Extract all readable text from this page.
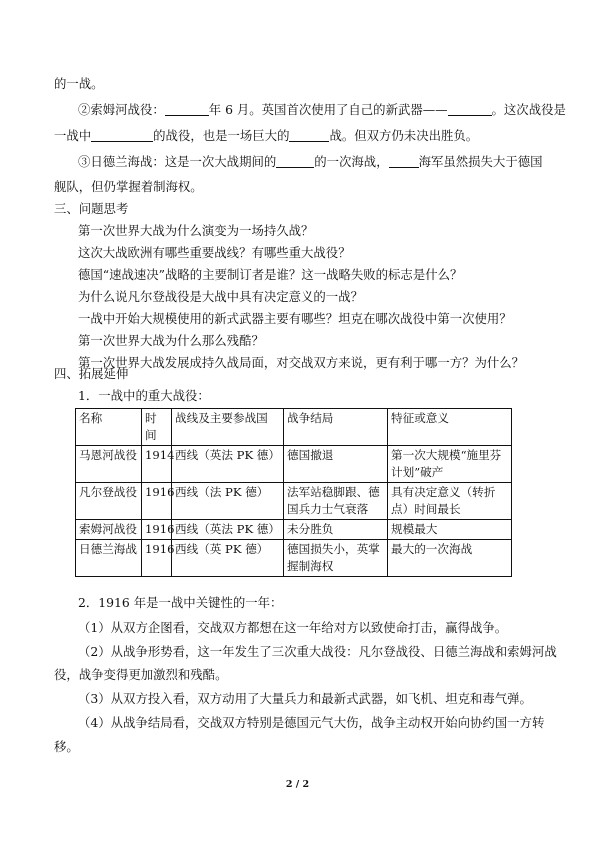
的一战。
②索姆河战役：	年 6 月。英国首次使用了自己的新武器——	。这次战役是
一战中	的战役，也是一场巨大的	战。但双方仍未决出胜负。
③日德兰海战：这是一次大战期间的	的一次海战， 海军虽然损失大于德国
舰队，但仍掌握着制海权。
三、问题思考
第一次世界大战为什么演变为一场持久战？
这次大战欧洲有哪些重要战线？有哪些重大战役？
德国“速战速决”战略的主要制订者是谁？这一战略失败的标志是什么？
为什么说凡尔登战役是大战中具有决定意义的一战？
一战中开始大规模使用的新式武器主要有哪些？坦克在哪次战役中第一次使用？
第一次世界大战为什么那么残酷？
第一次世界大战发展成持久战局面，对交战双方来说，更有利于哪一方？为什么？
四、拓展延伸
1．一战中的重大战役：
名称	时间	战线及主要参战国	战争结局	特征或意义
马恩河战役	1914	西线（英法 PK 德）	德国撤退	第一次大规模“施里芬计划”破产
凡尔登战役	1916	西线（法 PK 德）	法军站稳脚跟、德国兵力士气衰落	具有决定意义（转折点）时间最长
索姆河战役	1916	西线（英法 PK 德）	未分胜负	规模最大
日德兰海战	1916	西线（英 PK 德）	德国损失小，英掌握制海权	最大的一次海战
2．1916 年是一战中关键性的一年：
（1）从双方企图看，交战双方都想在这一年给对方以致使命打击，赢得战争。
（2）从战争形势看，这一年发生了三次重大战役：凡尔登战役、日德兰海战和索姆河战
役，战争变得更加激烈和残酷。
（3）从双方投入看，双方动用了大量兵力和最新式武器，如飞机、坦克和毒气弹。
（4）从战争结局看，交战双方特别是德国元气大伤，战争主动权开始向协约国一方转
移。
2 / 2
